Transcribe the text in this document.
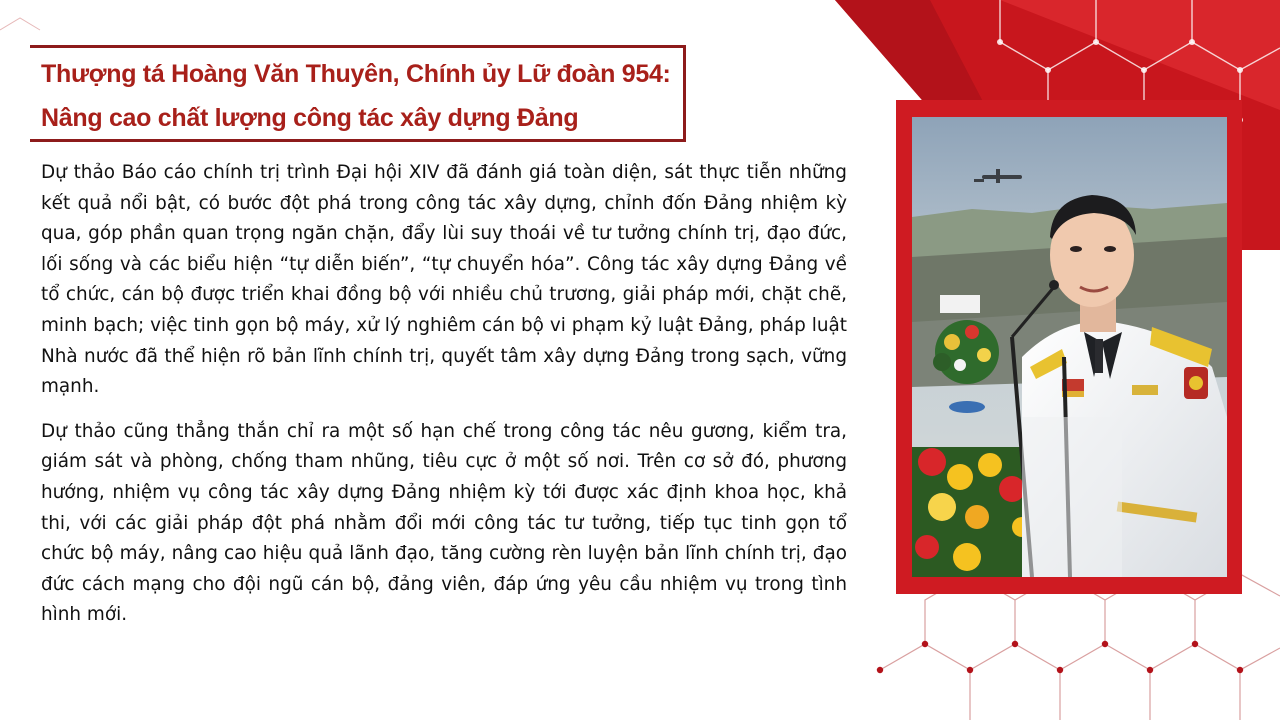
Thượng tá Hoàng Văn Thuyên, Chính ủy Lữ đoàn 954:
Nâng cao chất lượng công tác xây dựng Đảng

Dự thảo Báo cáo chính trị trình Đại hội XIV đã đánh giá toàn diện, sát thực tiễn những kết quả nổi bật, có bước đột phá trong công tác xây dựng, chỉnh đốn Đảng nhiệm kỳ qua, góp phần quan trọng ngăn chặn, đẩy lùi suy thoái về tư tưởng chính trị, đạo đức, lối sống và các biểu hiện “tự diễn biến”, “tự chuyển hóa”. Công tác xây dựng Đảng về tổ chức, cán bộ được triển khai đồng bộ với nhiều chủ trương, giải pháp mới, chặt chẽ, minh bạch; việc tinh gọn bộ máy, xử lý nghiêm cán bộ vi phạm kỷ luật Đảng, pháp luật Nhà nước đã thể hiện rõ bản lĩnh chính trị, quyết tâm xây dựng Đảng trong sạch, vững mạnh.

Dự thảo cũng thẳng thắn chỉ ra một số hạn chế trong công tác nêu gương, kiểm tra, giám sát và phòng, chống tham nhũng, tiêu cực ở một số nơi. Trên cơ sở đó, phương hướng, nhiệm vụ công tác xây dựng Đảng nhiệm kỳ tới được xác định khoa học, khả thi, với các giải pháp đột phá nhằm đổi mới công tác tư tưởng, tiếp tục tinh gọn tổ chức bộ máy, nâng cao hiệu quả lãnh đạo, tăng cường rèn luyện bản lĩnh chính trị, đạo đức cách mạng cho đội ngũ cán bộ, đảng viên, đáp ứng yêu cầu nhiệm vụ trong tình hình mới.
